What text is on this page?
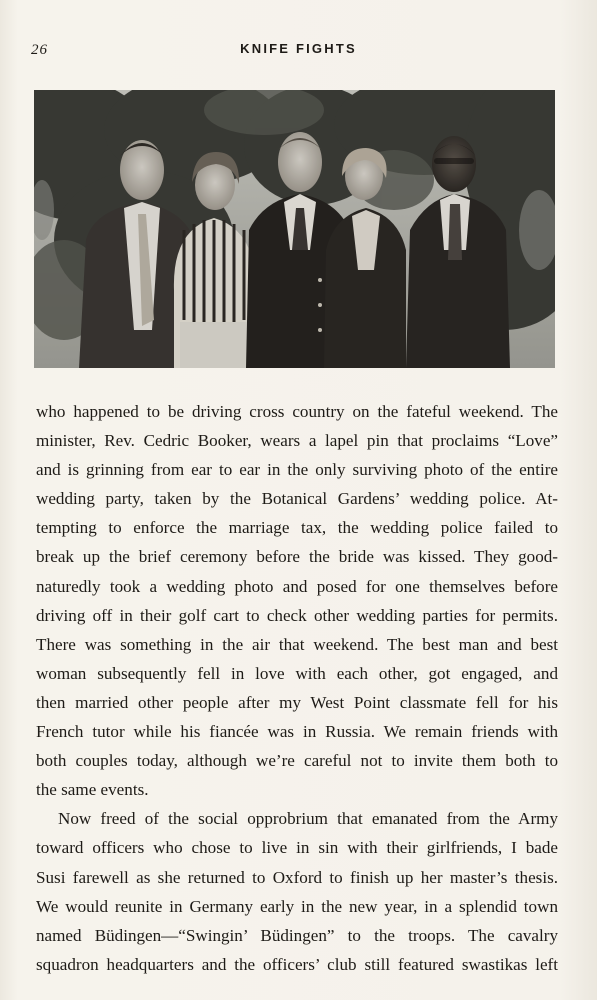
26	KNIFE FIGHTS
who happened to be driving cross country on the fateful weekend. The
minister, Rev. Cedric Booker, wears a lapel pin that proclaims “Love”
and is grinning from ear to ear in the only surviving photo of the entire
wedding party, taken by the Botanical Gardens’ wedding police. At-
tempting to enforce the marriage tax, the wedding police failed to
break up the brief ceremony before the bride was kissed. They good-
naturedly took a wedding photo and posed for one themselves before
driving off in their golf cart to check other wedding parties for permits.
There was something in the air that weekend. The best man and best
woman subsequently fell in love with each other, got engaged, and
then married other people after my West Point classmate fell for his
French tutor while his fiancée was in Russia. We remain friends with
both couples today, although we’re careful not to invite them both to
the same events.
Now freed of the social opprobrium that emanated from the Army
toward officers who chose to live in sin with their girlfriends, I bade
Susi farewell as she returned to Oxford to finish up her master’s thesis.
We would reunite in Germany early in the new year, in a splendid town
named Büdingen—“Swingin’ Büdingen” to the troops. The cavalry
squadron headquarters and the officers’ club still featured swastikas left
